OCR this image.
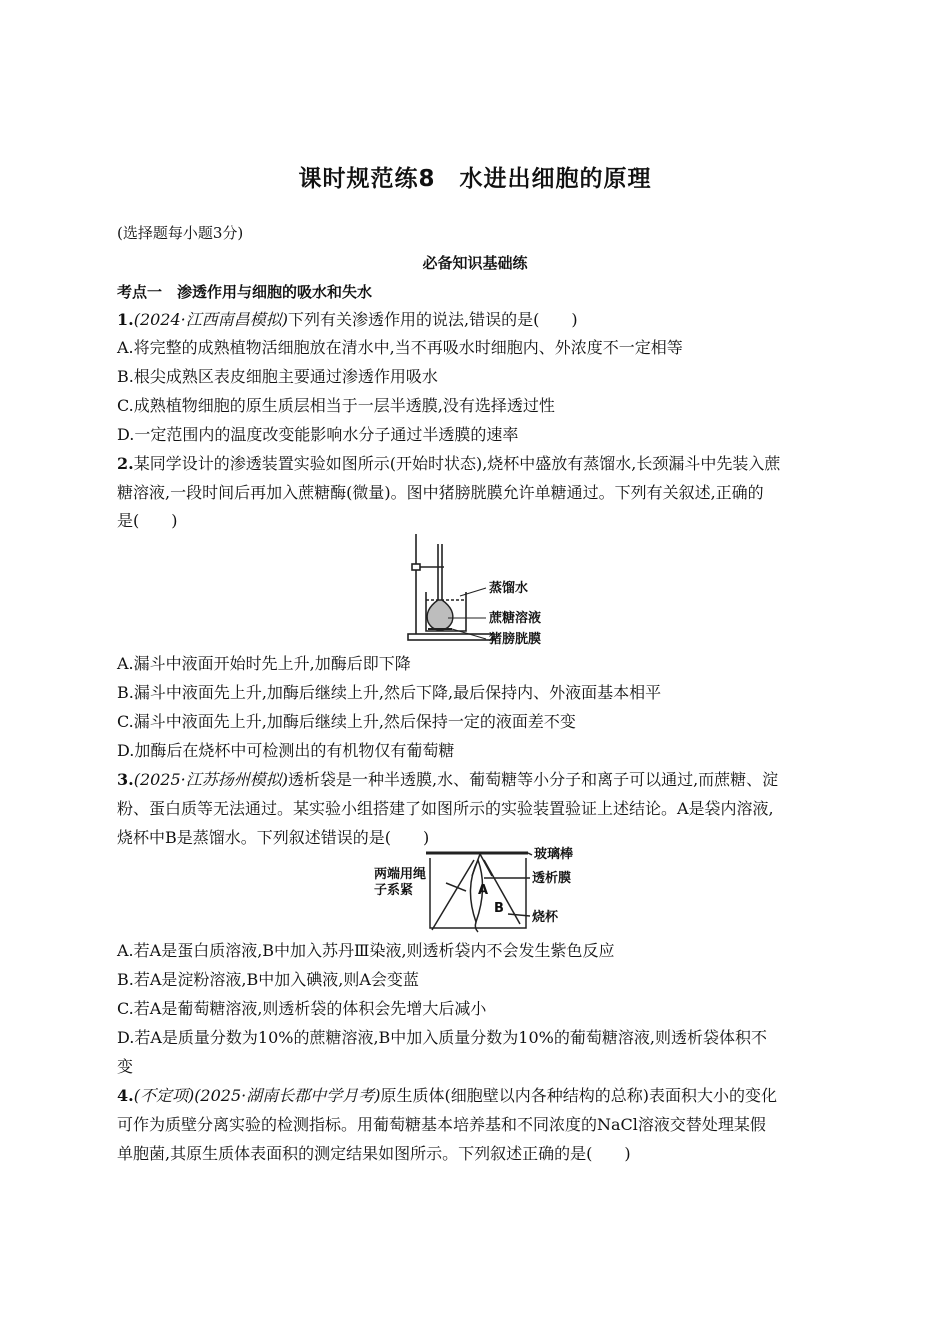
课时规范练8　水进出细胞的原理
(选择题每小题3分)
必备知识基础练
考点一　渗透作用与细胞的吸水和失水
1.(2024·江西南昌模拟)下列有关渗透作用的说法,错误的是(　　)
A.将完整的成熟植物活细胞放在清水中,当不再吸水时细胞内、外浓度不一定相等
B.根尖成熟区表皮细胞主要通过渗透作用吸水
C.成熟植物细胞的原生质层相当于一层半透膜,没有选择透过性
D.一定范围内的温度改变能影响水分子通过半透膜的速率
2.某同学设计的渗透装置实验如图所示(开始时状态),烧杯中盛放有蒸馏水,长颈漏斗中先装入蔗
糖溶液,一段时间后再加入蔗糖酶(微量)。图中猪膀胱膜允许单糖通过。下列有关叙述,正确的
是(　　)
蒸馏水
蔗糖溶液
猪膀胱膜
A.漏斗中液面开始时先上升,加酶后即下降
B.漏斗中液面先上升,加酶后继续上升,然后下降,最后保持内、外液面基本相平
C.漏斗中液面先上升,加酶后继续上升,然后保持一定的液面差不变
D.加酶后在烧杯中可检测出的有机物仅有葡萄糖
3.(2025·江苏扬州模拟)透析袋是一种半透膜,水、葡萄糖等小分子和离子可以通过,而蔗糖、淀
粉、蛋白质等无法通过。某实验小组搭建了如图所示的实验装置验证上述结论。A是袋内溶液,
烧杯中B是蒸馏水。下列叙述错误的是(　　)
玻璃棒
透析膜
烧杯
两端用绳
子系紧	A
B
A.若A是蛋白质溶液,B中加入苏丹Ⅲ染液,则透析袋内不会发生紫色反应
B.若A是淀粉溶液,B中加入碘液,则A会变蓝
C.若A是葡萄糖溶液,则透析袋的体积会先增大后减小
D.若A是质量分数为10%的蔗糖溶液,B中加入质量分数为10%的葡萄糖溶液,则透析袋体积不
变
4.(不定项)(2025·湖南长郡中学月考)原生质体(细胞壁以内各种结构的总称)表面积大小的变化
可作为质壁分离实验的检测指标。用葡萄糖基本培养基和不同浓度的NaCl溶液交替处理某假
单胞菌,其原生质体表面积的测定结果如图所示。下列叙述正确的是(　　)
